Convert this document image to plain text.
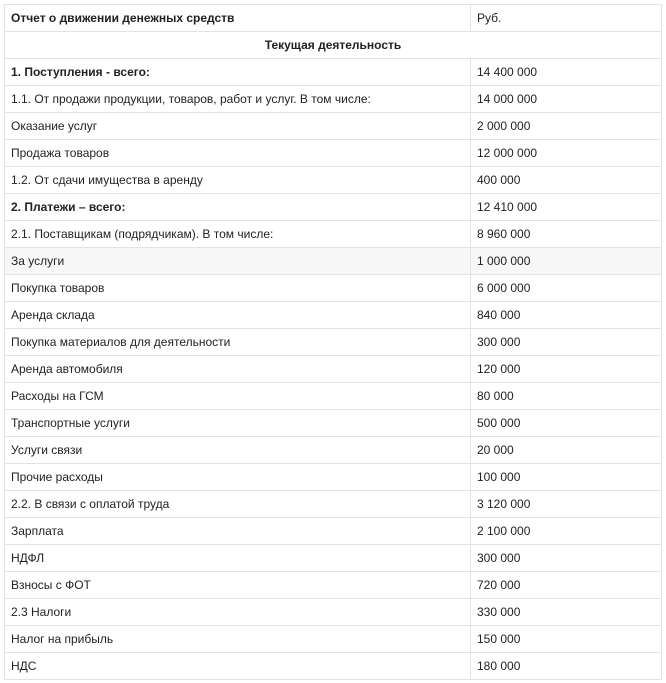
Отчет о движении денежных средств	Руб.
Текущая деятельность	
1. Поступления - всего:	14 400 000
1.1. От продажи продукции, товаров, работ и услуг. В том числе:	14 000 000
Оказание услуг	2 000 000
Продажа товаров	12 000 000
1.2. От сдачи имущества в аренду	400 000
2. Платежи – всего:	12 410 000
2.1. Поставщикам (подрядчикам). В том числе:	8 960 000
За услуги	1 000 000
Покупка товаров	6 000 000
Аренда склада	840 000
Покупка материалов для деятельности	300 000
Аренда автомобиля	120 000
Расходы на ГСМ	80 000
Транспортные услуги	500 000
Услуги связи	20 000
Прочие расходы	100 000
2.2. В связи с оплатой труда	3 120 000
Зарплата	2 100 000
НДФЛ	300 000
Взносы с ФОТ	720 000
2.3 Налоги	330 000
Налог на прибыль	150 000
НДС	180 000
